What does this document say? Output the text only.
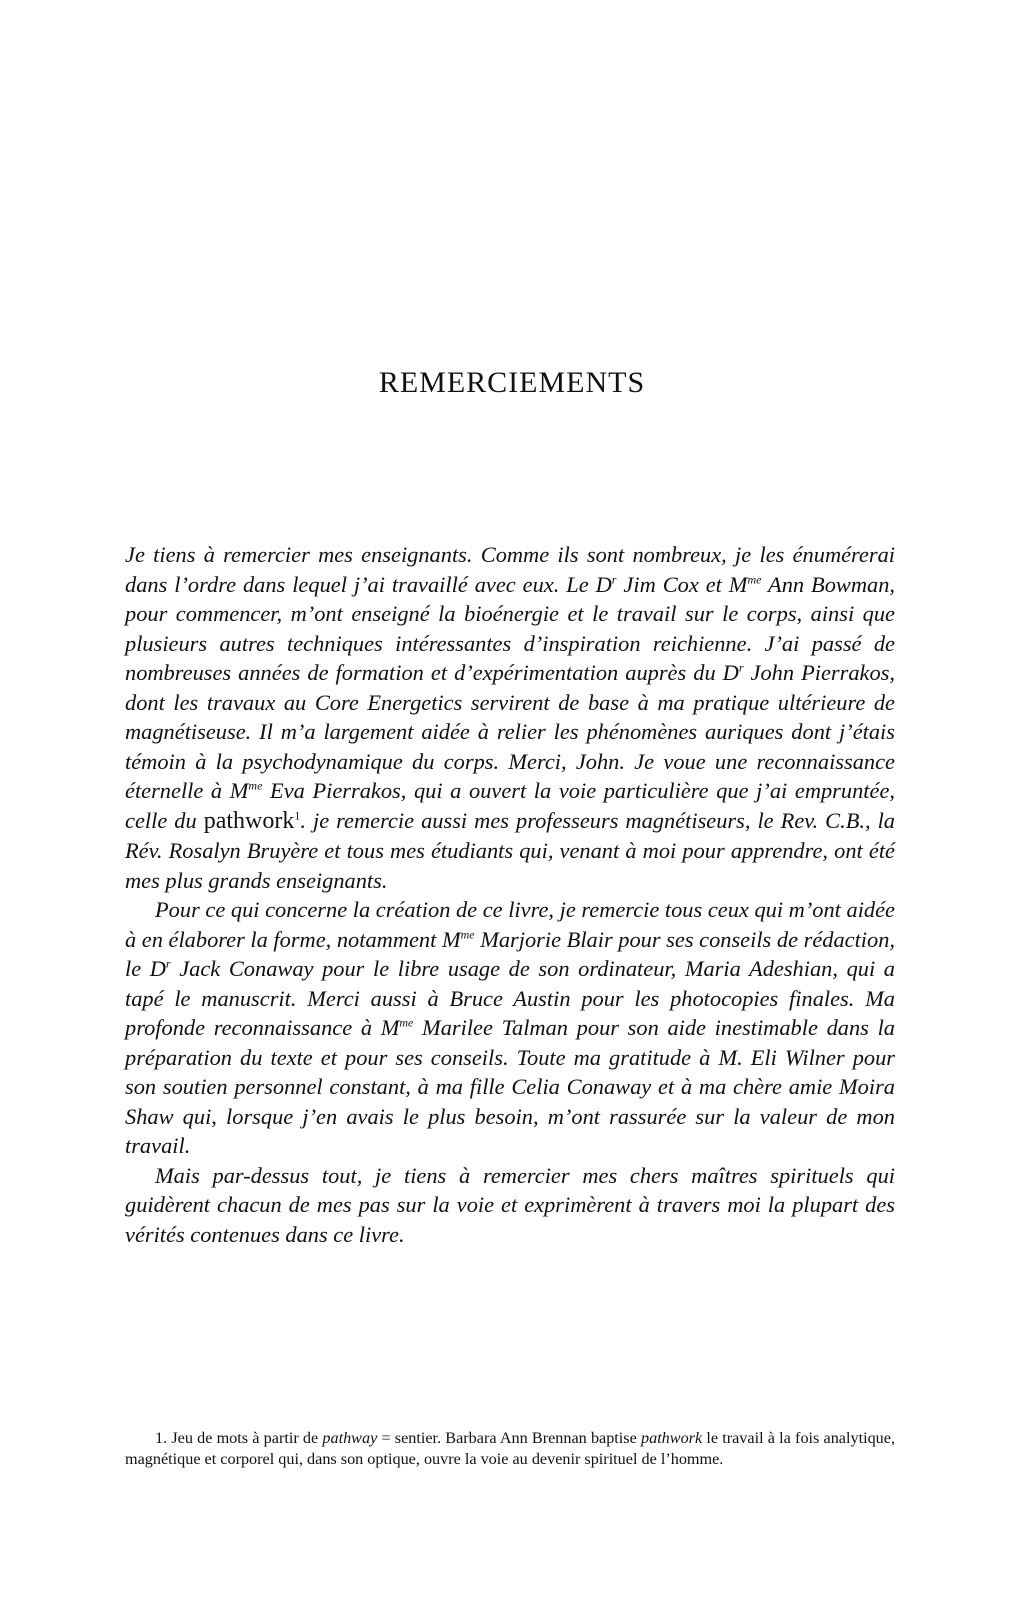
REMERCIEMENTS

Je tiens à remercier mes enseignants. Comme ils sont nombreux, je les énumérerai dans l’ordre dans lequel j’ai travaillé avec eux. Le $D^r$ Jim Cox et $M^{me}$ Ann Bowman, pour commencer, m’ont enseigné la bioénergie et le travail sur le corps, ainsi que plusieurs autres techniques intéressantes d’inspiration reichienne. J’ai passé de nombreuses années de formation et d’expérimentation auprès du $D^r$ John Pierrakos, dont les travaux au Core Energetics servirent de base à ma pratique ultérieure de magnétiseuse. Il m’a largement aidée à relier les phénomènes auriques dont j’étais témoin à la psychodynamique du corps. Merci, John. Je voue une reconnaissance éternelle à $M^{me}$ Eva Pierrakos, qui a ouvert la voie particulière que j’ai empruntée, celle du pathwork$^1$. je remercie aussi mes professeurs magnétiseurs, le Rev. C.B., la Rév. Rosalyn Bruyère et tous mes étudiants qui, venant à moi pour apprendre, ont été mes plus grands enseignants.

Pour ce qui concerne la création de ce livre, je remercie tous ceux qui m’ont aidée à en élaborer la forme, notamment $M^{me}$ Marjorie Blair pour ses conseils de rédaction, le $D^r$ Jack Conaway pour le libre usage de son ordinateur, Maria Adeshian, qui a tapé le manuscrit. Merci aussi à Bruce Austin pour les photocopies finales. Ma profonde reconnaissance à $M^{me}$ Marilee Talman pour son aide inestimable dans la préparation du texte et pour ses conseils. Toute ma gratitude à M. Eli Wilner pour son soutien personnel constant, à ma fille Celia Conaway et à ma chère amie Moira Shaw qui, lorsque j’en avais le plus besoin, m’ont rassurée sur la valeur de mon travail.

Mais par-dessus tout, je tiens à remercier mes chers maîtres spirituels qui guidèrent chacun de mes pas sur la voie et exprimèrent à travers moi la plupart des vérités contenues dans ce livre.

1. Jeu de mots à partir de pathway = sentier. Barbara Ann Brennan baptise pathwork le travail à la fois analytique, magnétique et corporel qui, dans son optique, ouvre la voie au devenir spirituel de l’homme.
